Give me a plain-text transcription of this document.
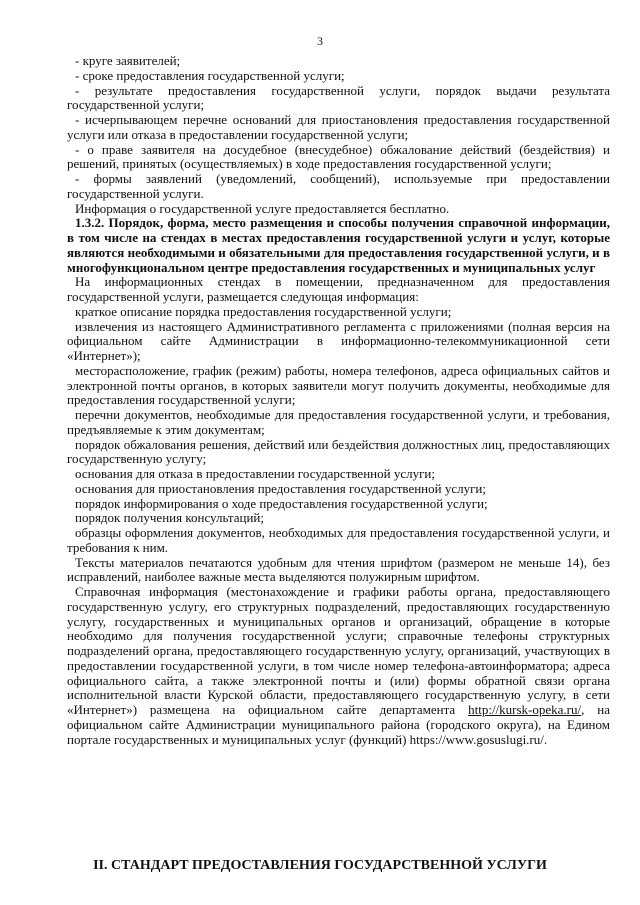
3

- круге заявителей;

- сроке предоставления государственной услуги;

- результате предоставления государственной услуги, порядок выдачи результата государственной услуги;

- исчерпывающем перечне оснований для приостановления предоставления государственной услуги или отказа в предоставлении государственной услуги;

- о праве заявителя на досудебное (внесудебное) обжалование действий (бездействия) и решений, принятых (осуществляемых) в ходе предоставления государственной услуги;

- формы заявлений (уведомлений, сообщений), используемые при предоставлении государственной услуги.

Информация о государственной услуге предоставляется бесплатно.

1.3.2. Порядок, форма, место размещения и способы получения справочной информации, в том числе на стендах в местах предоставления государственной услуги и услуг, которые являются необходимыми и обязательными для предоставления государственной услуги, и в многофункциональном центре предоставления государственных и муниципальных услуг

На информационных стендах в помещении, предназначенном для предоставления государственной услуги, размещается следующая информация:

краткое описание порядка предоставления государственной услуги;

извлечения из настоящего Административного регламента с приложениями (полная версия на официальном сайте Администрации в информационно-телекоммуникационной сети «Интернет»);

месторасположение, график (режим) работы, номера телефонов, адреса официальных сайтов и электронной почты органов, в которых заявители могут получить документы, необходимые для предоставления государственной услуги;

перечни документов, необходимые для предоставления государственной услуги, и требования, предъявляемые к этим документам;

порядок обжалования решения, действий или бездействия должностных лиц, предоставляющих государственную услугу;

основания для отказа в предоставлении государственной услуги;

основания для приостановления предоставления государственной услуги;

порядок информирования о ходе предоставления государственной услуги;

порядок получения консультаций;

образцы оформления документов, необходимых для предоставления государственной услуги, и требования к ним.

Тексты материалов печатаются удобным для чтения шрифтом (размером не меньше 14), без исправлений, наиболее важные места выделяются полужирным шрифтом.

Справочная информация (местонахождение и графики работы органа, предоставляющего государственную услугу, его структурных подразделений, предоставляющих государственную услугу, государственных и муниципальных органов и организаций, обращение в которые необходимо для получения государственной услуги; справочные телефоны структурных подразделений органа, предоставляющего государственную услугу, организаций, участвующих в предоставлении государственной услуги, в том числе номер телефона-автоинформатора; адреса официального сайта, а также электронной почты и (или) формы обратной связи органа исполнительной власти Курской области, предоставляющего государственную услугу, в сети «Интернет») размещена на официальном сайте департамента http://kursk-opeka.ru/, на официальном сайте Администрации муниципального района (городского округа), на Едином портале государственных и муниципальных услуг (функций) https://www.gosuslugi.ru/.

II. СТАНДАРТ ПРЕДОСТАВЛЕНИЯ ГОСУДАРСТВЕННОЙ УСЛУГИ
